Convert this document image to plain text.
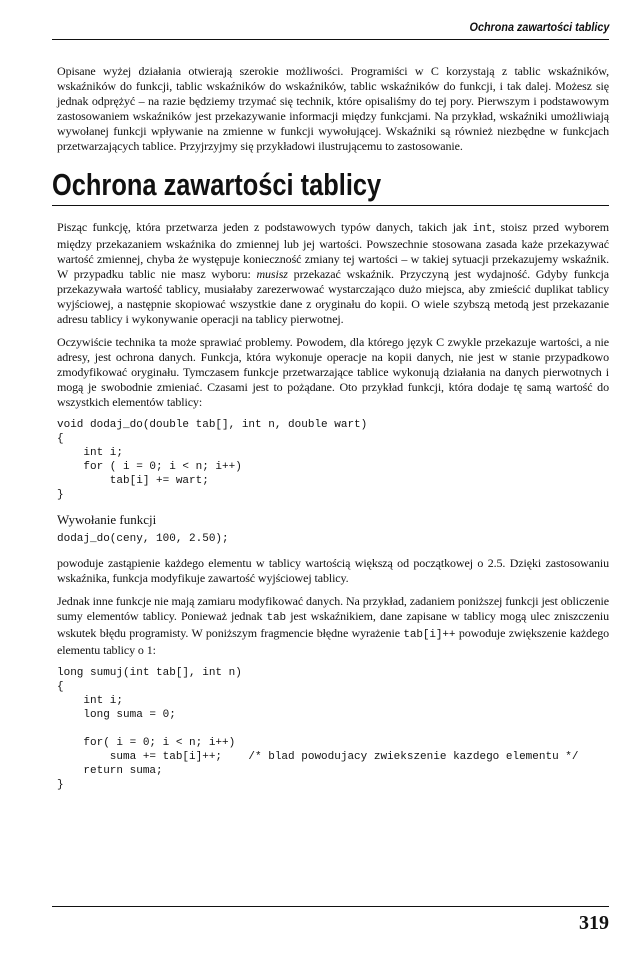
Ochrona zawartości tablicy

Opisane wyżej działania otwierają szerokie możliwości. Programiści w C korzystają z tablic wskaźników, wskaźników do funkcji, tablic wskaźników do wskaźników, tablic wskaźników do funkcji, i tak dalej. Możesz się jednak odprężyć – na razie będziemy trzymać się technik, które opisaliśmy do tej pory. Pierwszym i podstawowym zastosowaniem wskaźników jest przekazywanie informacji między funkcjami. Na przykład, wskaźniki umożliwiają wywołanej funkcji wpływanie na zmienne w funkcji wywołującej. Wskaźniki są również niezbędne w funkcjach przetwarzających tablice. Przyjrzyjmy się przykładowi ilustrującemu to zastosowanie.

Ochrona zawartości tablicy

Pisząc funkcję, która przetwarza jeden z podstawowych typów danych, takich jak int, stoisz przed wyborem między przekazaniem wskaźnika do zmiennej lub jej wartości. Powszechnie stosowana zasada każe przekazywać wartość zmiennej, chyba że występuje konieczność zmiany tej wartości – w takiej sytuacji przekazujemy wskaźnik. W przypadku tablic nie masz wyboru: musisz przekazać wskaźnik. Przyczyną jest wydajność. Gdyby funkcja przekazywała wartość tablicy, musiałaby zarezerwować wystarczająco dużo miejsca, aby zmieścić duplikat tablicy wyjściowej, a następnie skopiować wszystkie dane z oryginału do kopii. O wiele szybszą metodą jest przekazanie adresu tablicy i wykonywanie operacji na tablicy pierwotnej.

Oczywiście technika ta może sprawiać problemy. Powodem, dla którego język C zwykle przekazuje wartości, a nie adresy, jest ochrona danych. Funkcja, która wykonuje operacje na kopii danych, nie jest w stanie przypadkowo zmodyfikować oryginału. Tymczasem funkcje przetwarzające tablice wykonują działania na danych pierwotnych i mogą je swobodnie zmieniać. Czasami jest to pożądane. Oto przykład funkcji, która dodaje tę samą wartość do wszystkich elementów tablicy:

void dodaj_do(double tab[], int n, double wart)
{
int i;
for ( i = 0; i < n; i++)
tab[i] += wart;
}
Wywołanie funkcji
dodaj_do(ceny, 100, 2.50);

powoduje zastąpienie każdego elementu w tablicy wartością większą od początkowej o 2.5. Dzięki zastosowaniu wskaźnika, funkcja modyfikuje zawartość wyjściowej tablicy.

Jednak inne funkcje nie mają zamiaru modyfikować danych. Na przykład, zadaniem poniższej funkcji jest obliczenie sumy elementów tablicy. Ponieważ jednak tab jest wskaźnikiem, dane zapisane w tablicy mogą ulec zniszczeniu wskutek błędu programisty. W poniższym fragmencie błędne wyrażenie tab[i]++ powoduje zwiększenie każdego elementu tablicy o 1:

long sumuj(int tab[], int n)
{
int i;
long suma = 0;

for( i = 0; i < n; i++)
suma += tab[i]++;    /* blad powodujacy zwiekszenie kazdego elementu */
return suma;
}
319
